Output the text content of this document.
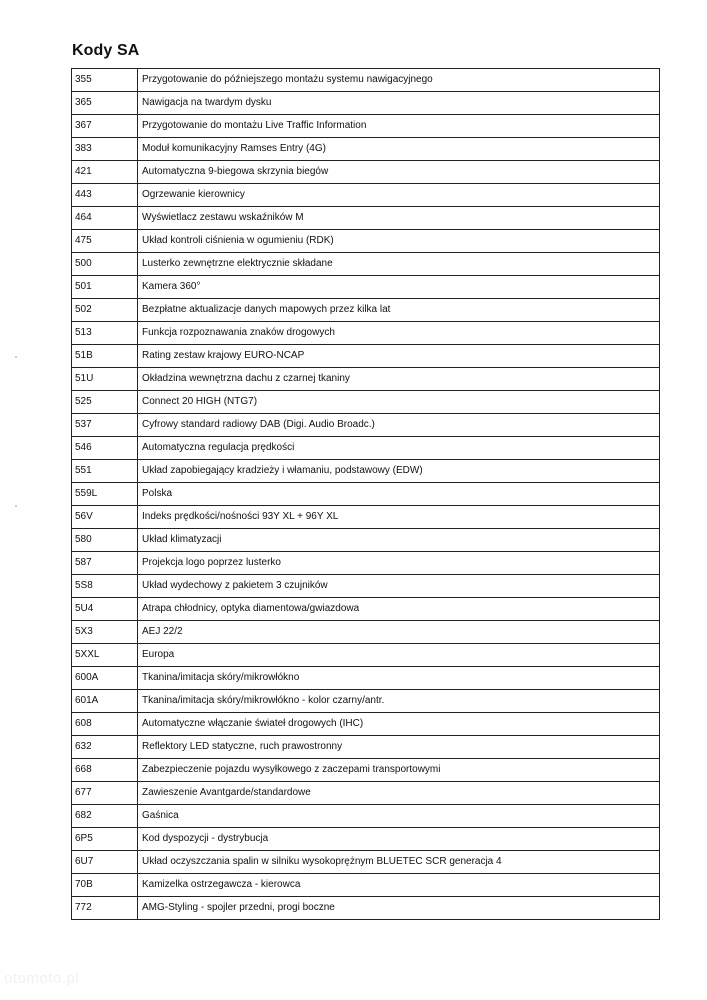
Kody SA
355	Przygotowanie do późniejszego montażu systemu nawigacyjnego
365	Nawigacja na twardym dysku
367	Przygotowanie do montażu Live Traffic Information
383	Moduł komunikacyjny Ramses Entry (4G)
421	Automatyczna 9-biegowa skrzynia biegów
443	Ogrzewanie kierownicy
464	Wyświetlacz zestawu wskaźników M
475	Układ kontroli ciśnienia w ogumieniu (RDK)
500	Lusterko zewnętrzne elektrycznie składane
501	Kamera 360°
502	Bezpłatne aktualizacje danych mapowych przez kilka lat
513	Funkcja rozpoznawania znaków drogowych
51B	Rating zestaw krajowy EURO-NCAP
51U	Okładzina wewnętrzna dachu z czarnej tkaniny
525	Connect 20 HIGH (NTG7)
537	Cyfrowy standard radiowy DAB (Digi. Audio Broadc.)
546	Automatyczna regulacja prędkości
551	Układ zapobiegający kradzieży i włamaniu, podstawowy (EDW)
559L	Polska
56V	Indeks prędkości/nośności 93Y XL + 96Y XL
580	Układ klimatyzacji
587	Projekcja logo poprzez lusterko
5S8	Układ wydechowy z pakietem 3 czujników
5U4	Atrapa chłodnicy, optyka diamentowa/gwiazdowa
5X3	AEJ 22/2
5XXL	Europa
600A	Tkanina/imitacja skóry/mikrowłókno
601A	Tkanina/imitacja skóry/mikrowłókno - kolor czarny/antr.
608	Automatyczne włączanie świateł drogowych (IHC)
632	Reflektory LED statyczne, ruch prawostronny
668	Zabezpieczenie pojazdu wysyłkowego z zaczepami transportowymi
677	Zawieszenie Avantgarde/standardowe
682	Gaśnica
6P5	Kod dyspozycji - dystrybucja
6U7	Układ oczyszczania spalin w silniku wysokoprężnym BLUETEC SCR generacja 4
70B	Kamizelka ostrzegawcza - kierowca
772	AMG-Styling - spojler przedni, progi boczne
otomoto.pl
